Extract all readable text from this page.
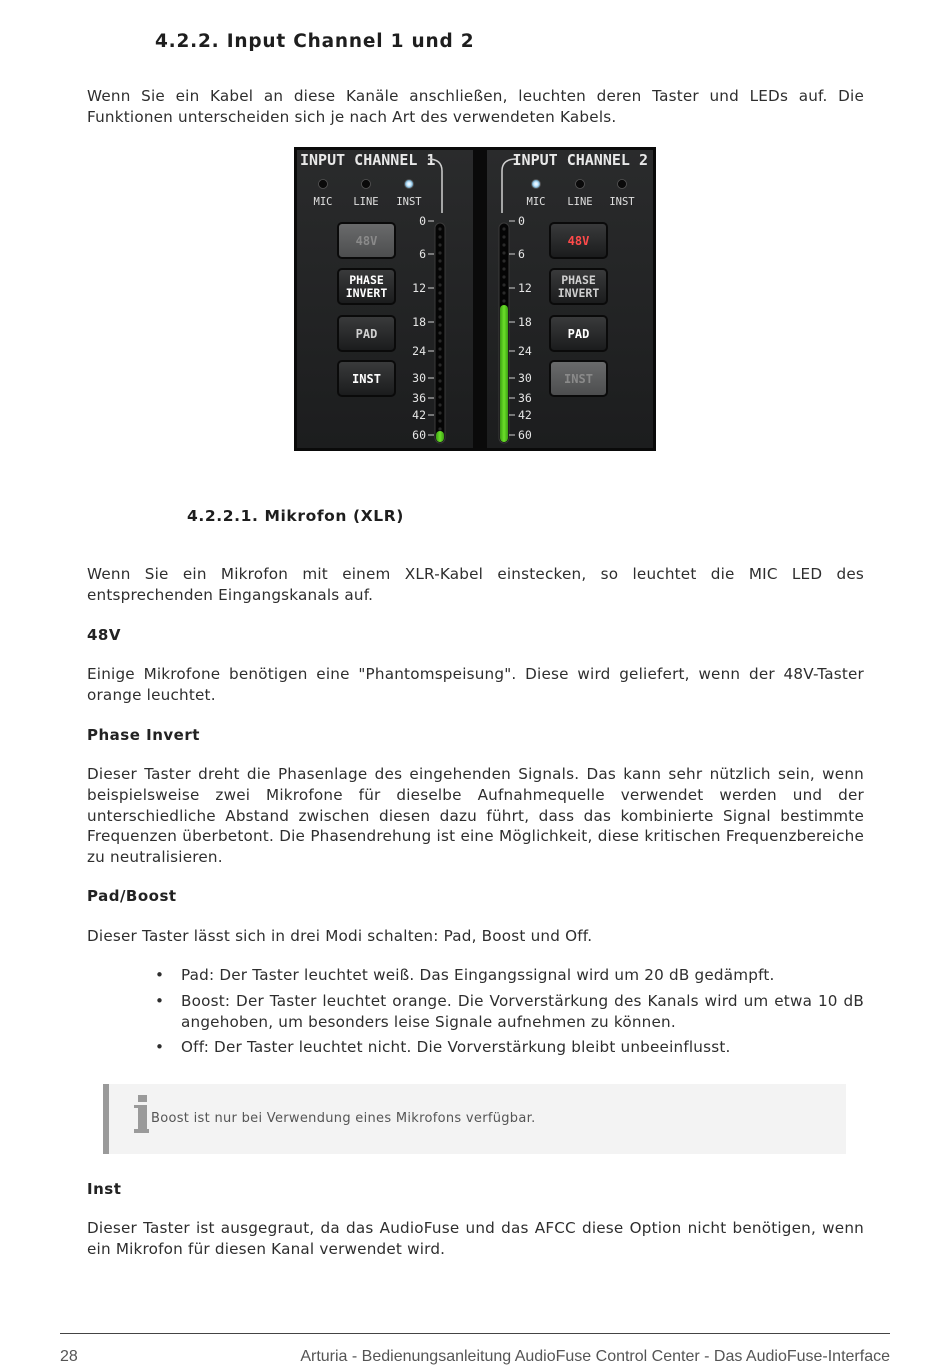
4.2.2. Input Channel 1 und 2
Wenn Sie ein Kabel an diese Kanäle anschließen, leuchten deren Taster und LEDs auf. Die Funktionen unterscheiden sich je nach Art des verwendeten Kabels.
INPUT CHANNEL 1
MIC LINE INST
48V
PHASE
INVERT
PAD
INST
0
6
12
18
24
30
36
42
60
INPUT CHANNEL 2
MIC LINE INST
48V
PHASE
INVERT
PAD
INST
0
6
12
18
24
30
36
42
60
4.2.2.1. Mikrofon (XLR)
Wenn Sie ein Mikrofon mit einem XLR-Kabel einstecken, so leuchtet die MIC LED des entsprechenden Eingangskanals auf.
48V
Einige Mikrofone benötigen eine "Phantomspeisung". Diese wird geliefert, wenn der 48V-Taster orange leuchtet.
Phase Invert
Dieser Taster dreht die Phasenlage des eingehenden Signals. Das kann sehr nützlich sein, wenn beispielsweise zwei Mikrofone für dieselbe Aufnahmequelle verwendet werden und der unterschiedliche Abstand zwischen diesen dazu führt, dass das kombinierte Signal bestimmte Frequenzen überbetont. Die Phasendrehung ist eine Möglichkeit, diese kritischen Frequenzbereiche zu neutralisieren.
Pad/Boost
Dieser Taster lässt sich in drei Modi schalten: Pad, Boost und Off.
• Pad: Der Taster leuchtet weiß. Das Eingangssignal wird um 20 dB gedämpft.
• Boost: Der Taster leuchtet orange. Die Vorverstärkung des Kanals wird um etwa 10 dB angehoben, um besonders leise Signale aufnehmen zu können.
• Off: Der Taster leuchtet nicht. Die Vorverstärkung bleibt unbeeinflusst.
Boost ist nur bei Verwendung eines Mikrofons verfügbar.
Inst
Dieser Taster ist ausgegraut, da das AudioFuse und das AFCC diese Option nicht benötigen, wenn ein Mikrofon für diesen Kanal verwendet wird.
28	Arturia - Bedienungsanleitung AudioFuse Control Center - Das AudioFuse-Interface
